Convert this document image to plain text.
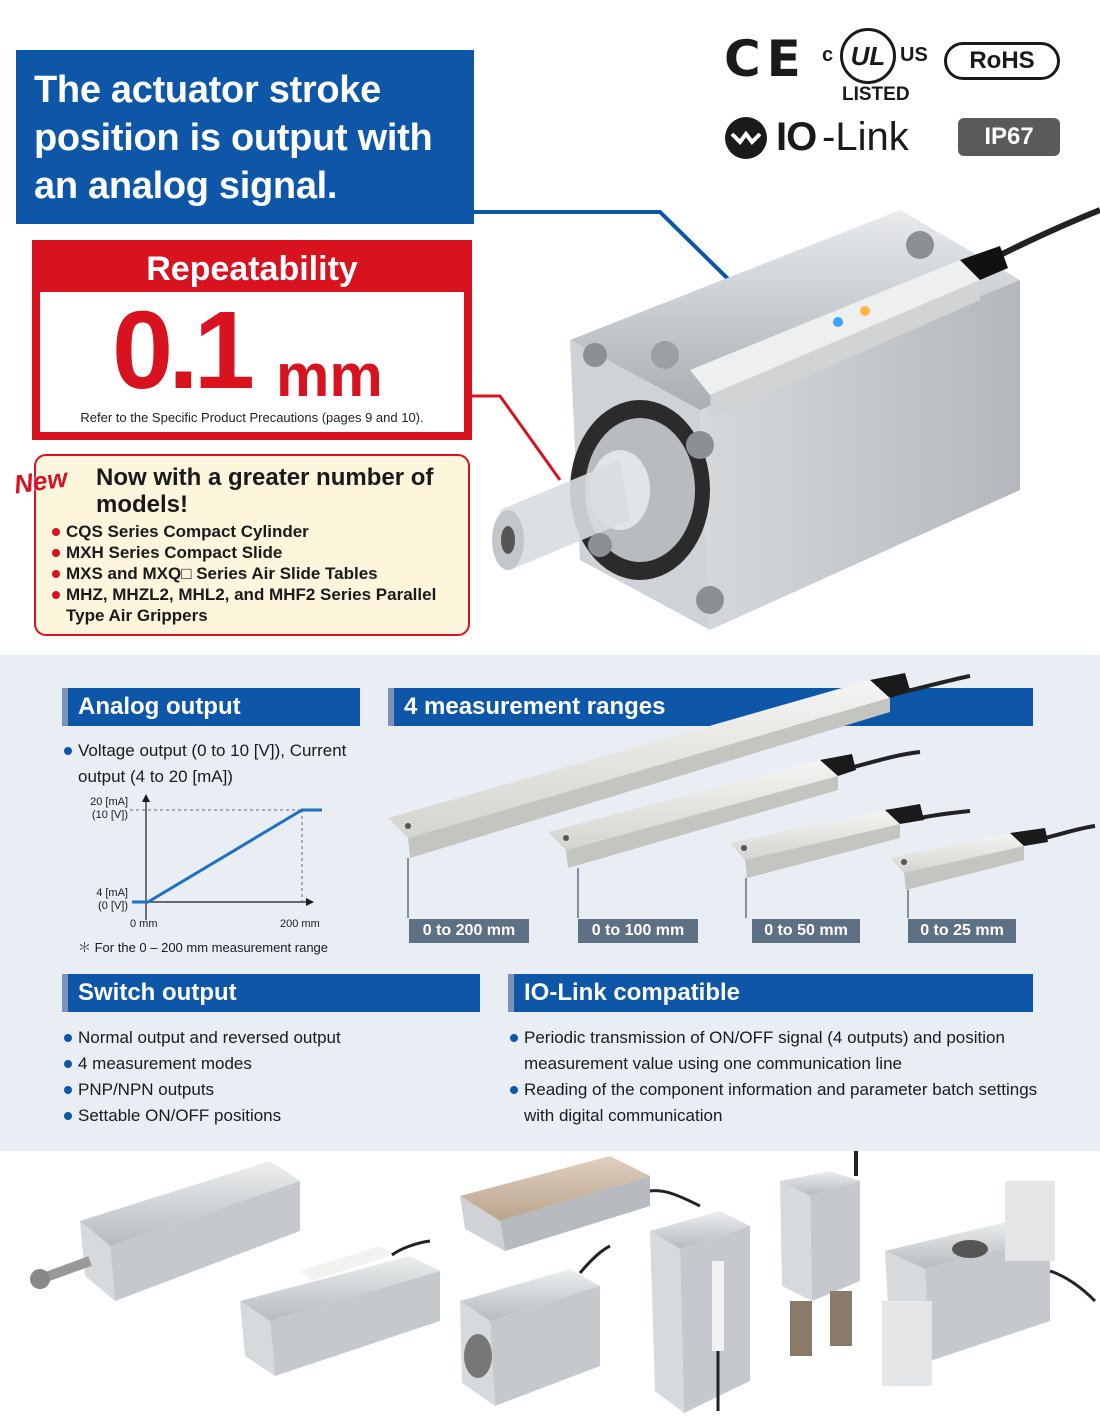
The actuator stroke position is output with an analog signal.
C E c UL US
LISTED
RoHS
IO -Link	IP67
Repeatability
0.1 mm
Refer to the Specific Product Precautions (pages 9 and 10).
New Now with a greater number of models!
CQS Series Compact Cylinder
MXH Series Compact Slide
MXS and MXQ□ Series Air Slide Tables
MHZ, MHZL2, MHL2, and MHF2 Series Parallel Type Air Grippers
Analog output	4 measurement ranges
Switch output	IO-Link compatible
Voltage output (0 to 10 [V]), Current output (4 to 20 [mA])
20 [mA]
(10 [V])
4 [mA]
(0 [V])
0 mm	200 mm
＊ For the 0 – 200 mm measurement range
0 to 200 mm	0 to 100 mm	0 to 50 mm	0 to 25 mm
Normal output and reversed output
4 measurement modes
PNP/NPN outputs
Settable ON/OFF positions
Periodic transmission of ON/OFF signal (4 outputs) and position measurement value using one communication line
Reading of the component information and parameter batch settings with digital communication
